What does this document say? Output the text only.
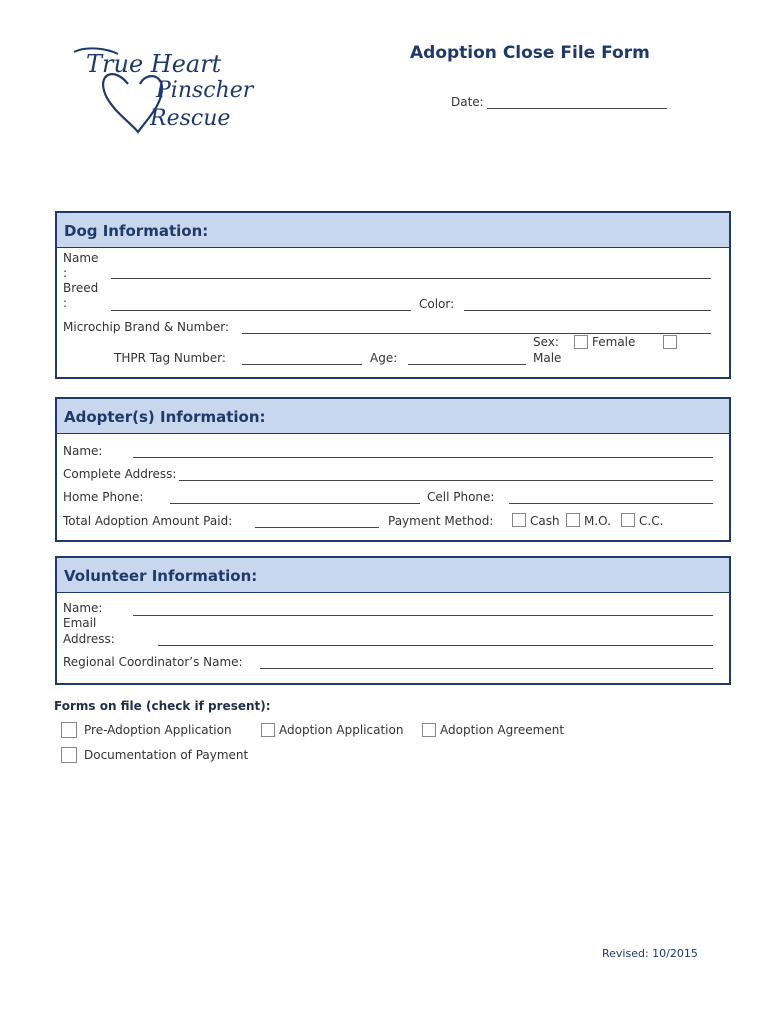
True Heart
Pinscher
Rescue
Adoption Close File Form
Date:
Dog Information:
Name
:
Breed
:	Color:
Microchip Brand & Number:
Sex:	Female
Male
THPR Tag Number:	Age:
Adopter(s) Information:
Name:
Complete Address:
Home Phone:	Cell Phone:
Total Adoption Amount Paid:	Payment Method:	Cash M.O. C.C.
Volunteer Information:
Name:
Email
Address:
Regional Coordinator’s Name:
Forms on file (check if present):
Pre-Adoption Application	Adoption Application	Adoption Agreement
Documentation of Payment
Revised: 10/2015
